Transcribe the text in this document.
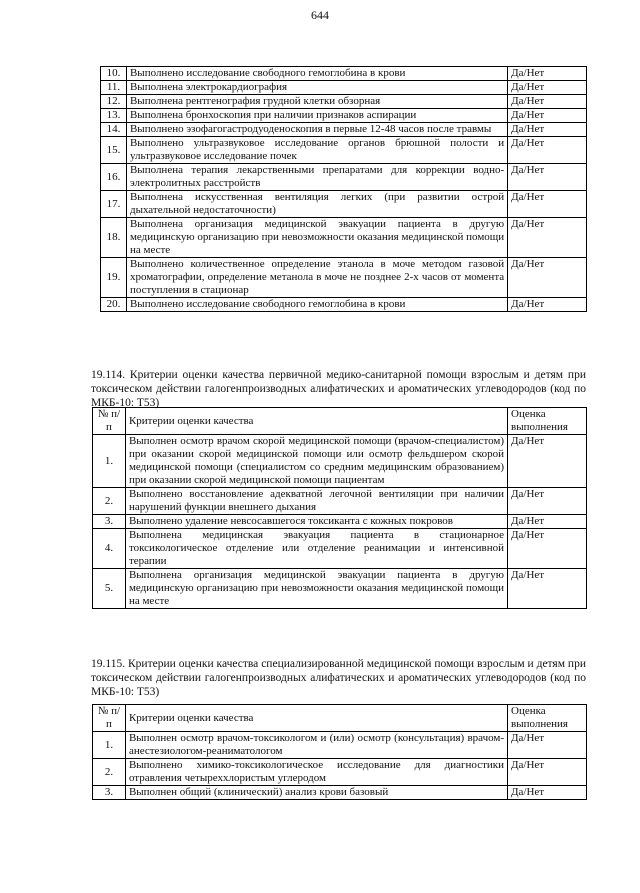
644
10.	Выполнено исследование свободного гемоглобина в крови	Да/Нет
11.	Выполнена электрокардиография	Да/Нет
12.	Выполнена рентгенография грудной клетки обзорная	Да/Нет
13.	Выполнена бронхоскопия при наличии признаков аспирации	Да/Нет
14.	Выполнено эзофагогастродуоденоскопия в первые 12-48 часов после травмы	Да/Нет
15.	Выполнено ультразвуковое исследование органов брюшной полости и ультразвуковое исследование почек	Да/Нет
16.	Выполнена терапия лекарственными препаратами для коррекции водно-электролитных расстройств	Да/Нет
17.	Выполнена искусственная вентиляция легких (при развитии острой дыхательной недостаточности)	Да/Нет
18.	Выполнена организация медицинской эвакуации пациента в другую медицинскую организацию при невозможности оказания медицинской помощи на месте	Да/Нет
19.	Выполнено количественное определение этанола в моче методом газовой хроматографии, определение метанола в моче не позднее 2-х часов от момента поступления в стационар	Да/Нет
20.	Выполнено исследование свободного гемоглобина в крови	Да/Нет
19.114. Критерии оценки качества первичной медико-санитарной помощи взрослым и детям при токсическом действии галогенпроизводных алифатических и ароматических углеводородов (код по МКБ-10: Т53)
№ п/п	Критерии оценки качества	Оценка выполнения
1.	Выполнен осмотр врачом скорой медицинской помощи (врачом-специалистом) при оказании скорой медицинской помощи или осмотр фельдшером скорой медицинской помощи (специалистом со средним медицинским образованием) при оказании скорой медицинской помощи пациентам	Да/Нет
2.	Выполнено восстановление адекватной легочной вентиляции при наличии нарушений функции внешнего дыхания	Да/Нет
3.	Выполнено удаление невсосавшегося токсиканта с кожных покровов	Да/Нет
4.	Выполнена медицинская эвакуация пациента в стационарное токсикологическое отделение или отделение реанимации и интенсивной терапии	Да/Нет
5.	Выполнена организация медицинской эвакуации пациента в другую медицинскую организацию при невозможности оказания медицинской помощи на месте	Да/Нет
19.115. Критерии оценки качества специализированной медицинской помощи взрослым и детям при токсическом действии галогенпроизводных алифатических и ароматических углеводородов (код по МКБ-10: Т53)
№ п/п	Критерии оценки качества	Оценка выполнения
1.	Выполнен осмотр врачом-токсикологом и (или) осмотр (консультация) врачом-анестезиологом-реаниматологом	Да/Нет
2.	Выполнено химико-токсикологическое исследование для диагностики отравления четыреххлористым углеродом	Да/Нет
3.	Выполнен общий (клинический) анализ крови базовый	Да/Нет
